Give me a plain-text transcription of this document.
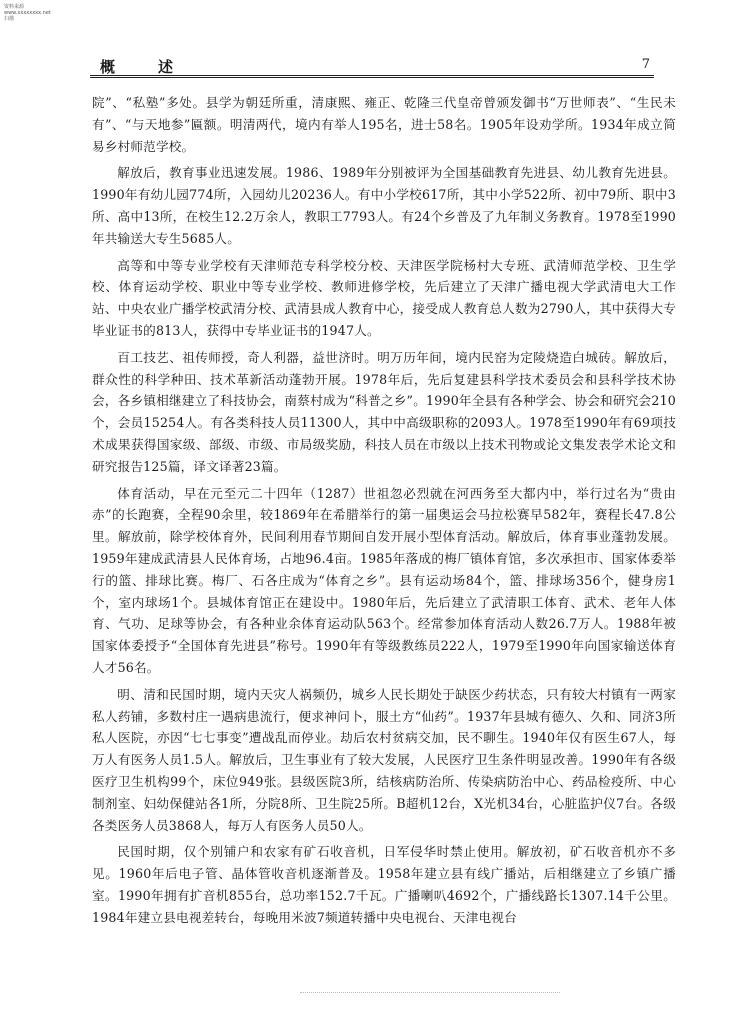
资料来源
www.xxxxxxxx.net
扫描
概　述	7

院”、“私塾”多处。县学为朝廷所重，清康熙、雍正、乾隆三代皇帝曾颁发御书“万世师表”、“生民未有”、“与天地参”匾额。明清两代，境内有举人195名，进士58名。1905年设劝学所。1934年成立简易乡村师范学校。

解放后，教育事业迅速发展。1986、1989年分别被评为全国基础教育先进县、幼儿教育先进县。1990年有幼儿园774所，入园幼儿20236人。有中小学校617所，其中小学522所、初中79所、职中3所、高中13所，在校生12.2万余人，教职工7793人。有24个乡普及了九年制义务教育。1978至1990年共输送大专生5685人。

高等和中等专业学校有天津师范专科学校分校、天津医学院杨村大专班、武清师范学校、卫生学校、体育运动学校、职业中等专业学校、教师进修学校，先后建立了天津广播电视大学武清电大工作站、中央农业广播学校武清分校、武清县成人教育中心，接受成人教育总人数为2790人，其中获得大专毕业证书的813人，获得中专毕业证书的1947人。

百工技艺、祖传师授，奇人利器，益世济时。明万历年间，境内民窑为定陵烧造白城砖。解放后，群众性的科学种田、技术革新活动蓬勃开展。1978年后，先后复建县科学技术委员会和县科学技术协会，各乡镇相继建立了科技协会，南蔡村成为“科普之乡”。1990年全县有各种学会、协会和研究会210个，会员15254人。有各类科技人员11300人，其中中高级职称的2093人。1978至1990年有69项技术成果获得国家级、部级、市级、市局级奖励，科技人员在市级以上技术刊物或论文集发表学术论文和研究报告125篇，译文译著23篇。

体育活动，早在元至元二十四年（1287）世祖忽必烈就在河西务至大都内中，举行过名为“贵由赤”的长跑赛，全程90余里，较1869年在希腊举行的第一届奥运会马拉松赛早582年，赛程长47.8公里。解放前，除学校体育外，民间利用春节期间自发开展小型体育活动。解放后，体育事业蓬勃发展。1959年建成武清县人民体育场，占地96.4亩。1985年落成的梅厂镇体育馆，多次承担市、国家体委举行的篮、排球比赛。梅厂、石各庄成为“体育之乡”。县有运动场84个，篮、排球场356个，健身房1个，室内球场1个。县城体育馆正在建设中。1980年后，先后建立了武清职工体育、武术、老年人体育、气功、足球等协会，有各种业余体育运动队563个。经常参加体育活动人数26.7万人。1988年被国家体委授予“全国体育先进县”称号。1990年有等级教练员222人，1979至1990年向国家输送体育人才56名。

明、清和民国时期，境内天灾人祸频仍，城乡人民长期处于缺医少药状态，只有较大村镇有一两家私人药铺，多数村庄一遇病患流行，便求神问卜，服土方“仙药”。1937年县城有德久、久和、同济3所私人医院，亦因“七七事变”遭战乱而停业。劫后农村贫病交加，民不聊生。1940年仅有医生67人，每万人有医务人员1.5人。解放后，卫生事业有了较大发展，人民医疗卫生条件明显改善。1990年有各级医疗卫生机构99个，床位949张。县级医院3所，结核病防治所、传染病防治中心、药品检疫所、中心制剂室、妇幼保健站各1所，分院8所、卫生院25所。B超机12台，X光机34台，心脏监护仪7台。各级各类医务人员3868人，每万人有医务人员50人。

民国时期，仅个别铺户和农家有矿石收音机，日军侵华时禁止使用。解放初，矿石收音机亦不多见。1960年后电子管、晶体管收音机逐渐普及。1958年建立县有线广播站，后相继建立了乡镇广播室。1990年拥有扩音机855台，总功率152.7千瓦。广播喇叭4692个，广播线路长1307.14千公里。1984年建立县电视差转台，每晚用米波7频道转播中央电视台、天津电视台
